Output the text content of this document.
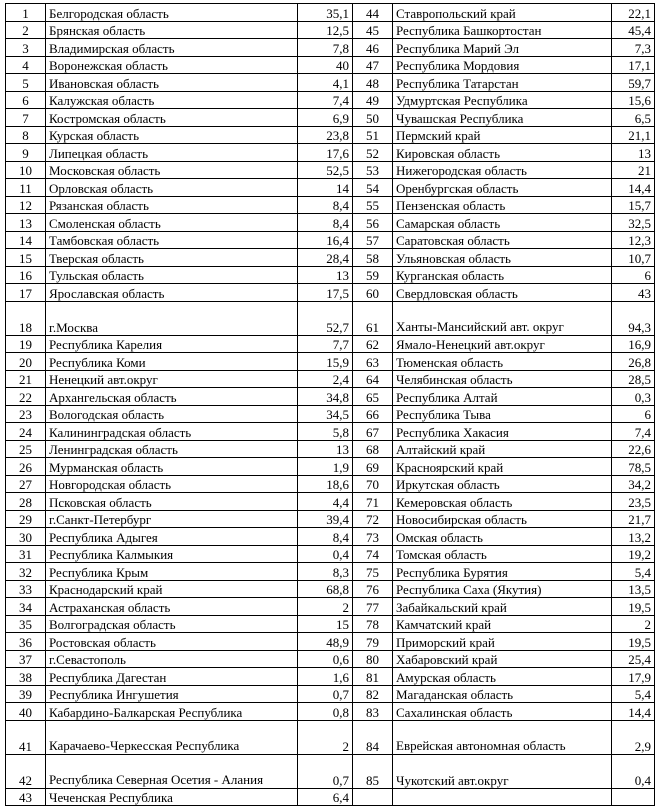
1	Белгородская область	35,1	44	Ставропольский край	22,1
2	Брянская область	12,5	45	Республика Башкортостан	45,4
3	Владимирская область	7,8	46	Республика Марий Эл	7,3
4	Воронежская область	40	47	Республика Мордовия	17,1
5	Ивановская область	4,1	48	Республика Татарстан	59,7
6	Калужская область	7,4	49	Удмуртская Республика	15,6
7	Костромская область	6,9	50	Чувашская Республика	6,5
8	Курская область	23,8	51	Пермский край	21,1
9	Липецкая область	17,6	52	Кировская область	13
10	Московская область	52,5	53	Нижегородская область	21
11	Орловская область	14	54	Оренбургская область	14,4
12	Рязанская область	8,4	55	Пензенская область	15,7
13	Смоленская область	8,4	56	Самарская область	32,5
14	Тамбовская область	16,4	57	Саратовская область	12,3
15	Тверская область	28,4	58	Ульяновская область	10,7
16	Тульская область	13	59	Курганская область	6
17	Ярославская область	17,5	60	Свердловская область	43
18	г.Москва	52,7	61	Ханты-Мансийский авт. округ	94,3
19	Республика Карелия	7,7	62	Ямало-Ненецкий авт.округ	16,9
20	Республика Коми	15,9	63	Тюменская область	26,8
21	Ненецкий авт.округ	2,4	64	Челябинская область	28,5
22	Архангельская область	34,8	65	Республика Алтай	0,3
23	Вологодская область	34,5	66	Республика Тыва	6
24	Калининградская область	5,8	67	Республика Хакасия	7,4
25	Ленинградская область	13	68	Алтайский край	22,6
26	Мурманская область	1,9	69	Красноярский край	78,5
27	Новгородская область	18,6	70	Иркутская область	34,2
28	Псковская область	4,4	71	Кемеровская область	23,5
29	г.Санкт-Петербург	39,4	72	Новосибирская область	21,7
30	Республика Адыгея	8,4	73	Омская область	13,2
31	Республика Калмыкия	0,4	74	Томская область	19,2
32	Республика Крым	8,3	75	Республика Бурятия	5,4
33	Краснодарский край	68,8	76	Республика Саха (Якутия)	13,5
34	Астраханская область	2	77	Забайкальский край	19,5
35	Волгоградская область	15	78	Камчатский край	2
36	Ростовская область	48,9	79	Приморский край	19,5
37	г.Севастополь	0,6	80	Хабаровский край	25,4
38	Республика Дагестан	1,6	81	Амурская область	17,9
39	Республика Ингушетия	0,7	82	Магаданская область	5,4
40	Кабардино-Балкарская Республика	0,8	83	Сахалинская область	14,4
41	Карачаево-Черкесская Республика	2	84	Еврейская автономная область	2,9
42	Республика Северная Осетия - Алания	0,7	85	Чукотский авт.округ	0,4
43	Чеченская Республика	6,4			
